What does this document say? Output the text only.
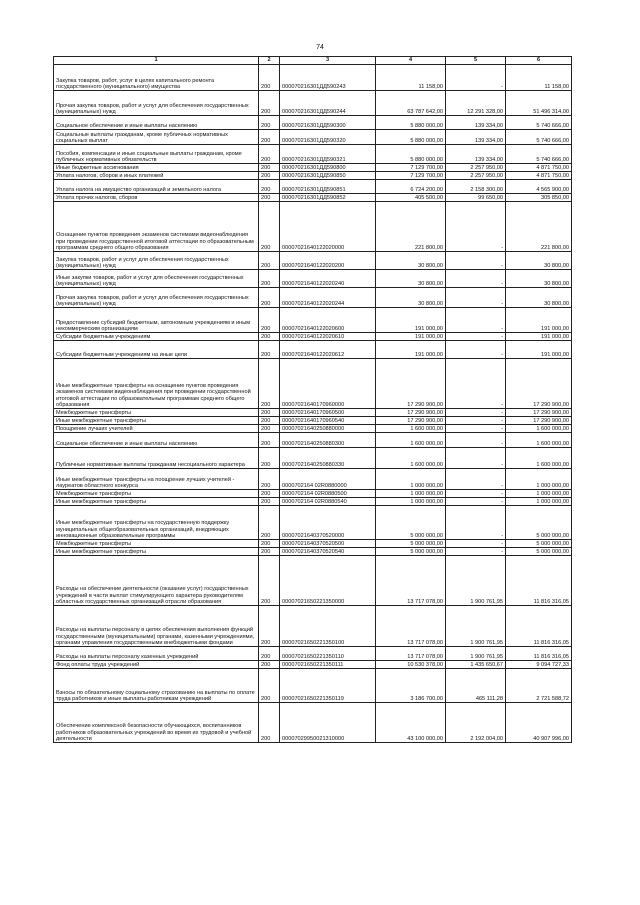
74
1	2	3	4	5	6
Закупка товаров, работ, услуг в целях капитального ремонта государственного (муниципального) имущества	200	000070216301ДД590243	11 158,00	-	11 158,00
Прочая закупка товаров, работ и услуг для обеспечения государственных (муниципальных) нужд	200	000070216301ДД590244	63 787 642,00	12 291 328,00	51 496 314,00
Социальное обеспечение и иные выплаты населению	200	000070216301ДД590300	5 880 000,00	139 334,00	5 740 666,00
Социальные выплаты гражданам, кроме публичных нормативных социальных выплат	200	000070216301ДД590320	5 880 000,00	139 334,00	5 740 666,00
Пособия, компенсации и иные социальные выплаты гражданам, кроме публичных нормативных обязательств	200	000070216301ДД590321	5 880 000,00	139 334,00	5 740 666,00
Иные бюджетные ассигнования	200	000070216301ДД590800	7 129 700,00	2 257 950,00	4 871 750,00
Уплата налогов, сборов и иных платежей	200	000070216301ДД590850	7 129 700,00	2 257 950,00	4 871 750,00
Уплата налога на имущество организаций и земельного налога	200	000070216301ДД590851	6 724 200,00	2 158 300,00	4 565 900,00
Уплата прочих налогов, сборов	200	000070216301ДД590852	405 500,00	99 650,00	305 850,00
Оснащение пунктов проведения экзаменов системами видеонаблюдения при проведении государственной итоговой аттестации по образовательным программам среднего общего образования	200	00007021640122020000	221 800,00	-	221 800,00
Закупка товаров, работ и услуг для обеспечения государственных (муниципальных) нужд	200	00007021640122020200	30 800,00	-	30 800,00
Иные закупки товаров, работ и услуг для обеспечения государственных (муниципальных) нужд	200	00007021640122020240	30 800,00	-	30 800,00
Прочая закупка товаров, работ и услуг для обеспечения государственных (муниципальных) нужд	200	00007021640122020244	30 800,00	-	30 800,00
Предоставление субсидий бюджетным, автономным учреждениям и иным некоммерческим организациям	200	00007021640122020600	191 000,00	-	191 000,00
Субсидии бюджетным учреждениям	200	00007021640122020610	191 000,00	-	191 000,00
Субсидии бюджетным учреждениям на иные цели	200	00007021640122020612	191 000,00	-	191 000,00
Иные межбюджетные трансферты на оснащение пунктов проведения экзаменов системами видеонаблюдения при проведении государственной итоговой аттестации по образовательным программам среднего общего образования	200	00007021640170960000	17 290 900,00	-	17 290 900,00
Межбюджетные трансферты	200	00007021640170960500	17 290 900,00	-	17 290 900,00
Иные межбюджетные трансферты	200	00007021640170960540	17 290 900,00	-	17 290 900,00
Поощрение лучших учителей	200	00007021640250880000	1 600 000,00	-	1 600 000,00
Социальное обеспечение и иные выплаты населению	200	00007021640250880300	1 600 000,00	-	1 600 000,00
Публичные нормативные выплаты гражданам несоциального характера	200	00007021640250880330	1 600 000,00	-	1 600 000,00
Иные межбюджетные трансферты на поощрение лучших учителей - лауреатов областного конкурса	200	0000702164 02R0880000	1 000 000,00	-	1 000 000,00
Межбюджетные трансферты	200	0000702164 02R0880500	1 000 000,00	-	1 000 000,00
Иные межбюджетные трансферты	200	0000702164 02R0880540	1 000 000,00	-	1 000 000,00
Иные межбюджетные трансферты на государственную поддержку муниципальных общеобразовательных организаций, внедряющих инновационные образовательные программы	200	00007021640370520000	5 000 000,00	-	5 000 000,00
Межбюджетные трансферты	200	00007021640370520500	5 000 000,00	-	5 000 000,00
Иные межбюджетные трансферты	200	00007021640370520540	5 000 000,00	-	5 000 000,00
Расходы на обеспечение деятельности (оказание услуг) государственных учреждений в части выплат стимулирующего характера руководителям областных государственных организаций отрасли образования	200	00007021650221350000	13 717 078,00	1 900 761,95	11 816 316,05
Расходы на выплаты персоналу в целях обеспечения выполнения функций государственными (муниципальными) органами, казенными учреждениями, органами управления государственными внебюджетными фондами	200	00007021650221350100	13 717 078,00	1 900 761,95	11 816 316,05
Расходы на выплаты персоналу казенных учреждений	200	00007021650221350110	13 717 078,00	1 900 761,95	11 816 316,05
Фонд оплаты труда учреждений	200	00007021650221350111	10 530 378,00	1 435 650,67	9 094 727,33
Взносы по обязательному социальному страхованию на выплаты по оплате труда работников и иные выплаты работникам учреждений	200	00007021650221350119	3 186 700,00	465 111,28	2 721 588,72
Обеспечение комплексной безопасности обучающихся, воспитанников работников образовательных учреждений во время их трудовой и учебной деятельности	200	00007029950021310000	43 100 000,00	2 192 004,00	40 907 996,00
